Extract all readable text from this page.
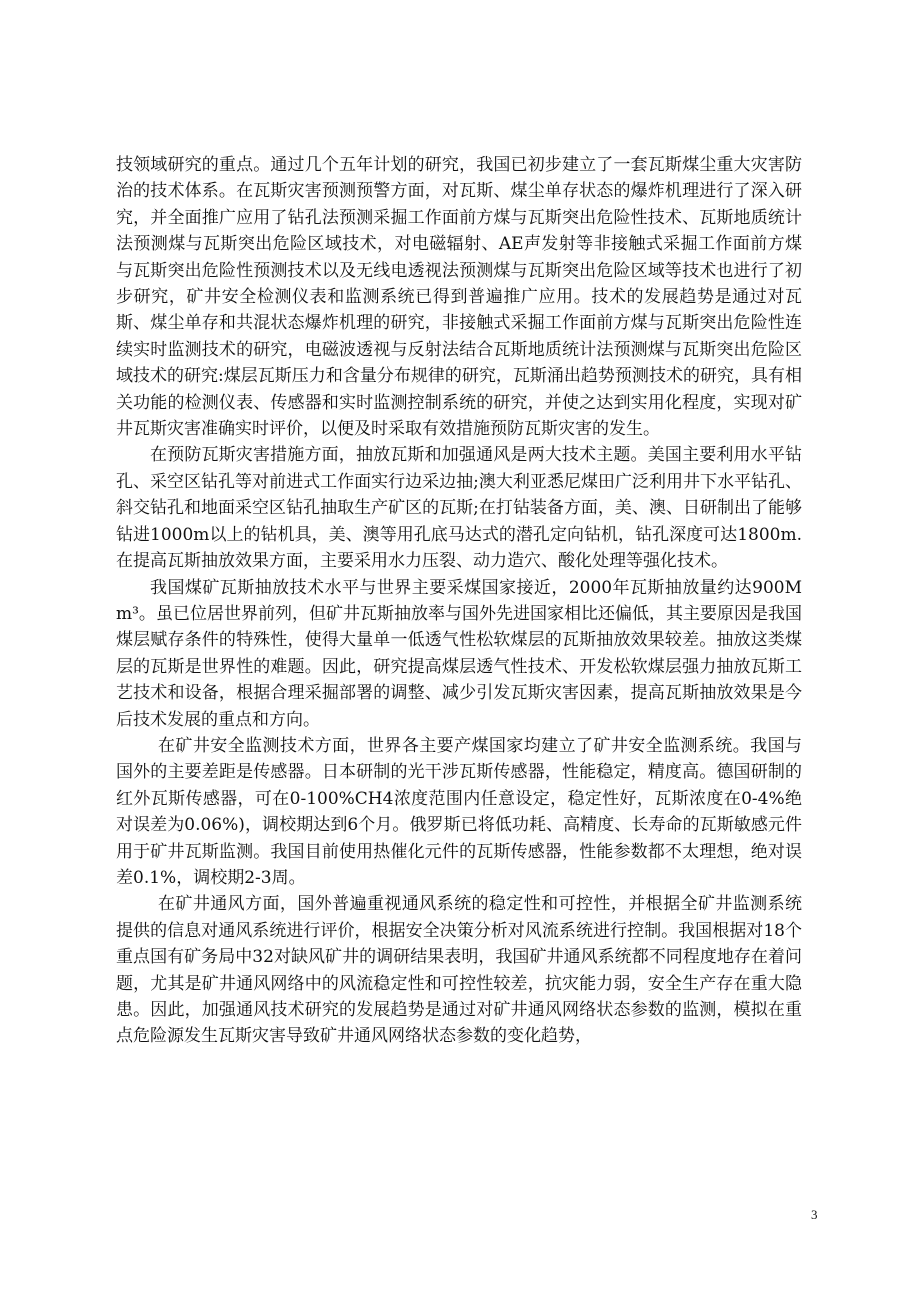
技领域研究的重点。通过几个五年计划的研究，我国已初步建立了一套瓦斯煤尘重大灾害防治的技术体系。在瓦斯灾害预测预警方面，对瓦斯、煤尘单存状态的爆炸机理进行了深入研究，并全面推广应用了钻孔法预测采掘工作面前方煤与瓦斯突出危险性技术、瓦斯地质统计法预测煤与瓦斯突出危险区域技术，对电磁辐射、AE声发射等非接触式采掘工作面前方煤与瓦斯突出危险性预测技术以及无线电透视法预测煤与瓦斯突出危险区域等技术也进行了初步研究，矿井安全检测仪表和监测系统已得到普遍推广应用。技术的发展趋势是通过对瓦斯、煤尘单存和共混状态爆炸机理的研究，非接触式采掘工作面前方煤与瓦斯突出危险性连续实时监测技术的研究，电磁波透视与反射法结合瓦斯地质统计法预测煤与瓦斯突出危险区域技术的研究:煤层瓦斯压力和含量分布规律的研究，瓦斯涌出趋势预测技术的研究，具有相关功能的检测仪表、传感器和实时监测控制系统的研究，并使之达到实用化程度，实现对矿井瓦斯灾害准确实时评价，以便及时采取有效措施预防瓦斯灾害的发生。

在预防瓦斯灾害措施方面，抽放瓦斯和加强通风是两大技术主题。美国主要利用水平钻孔、采空区钻孔等对前进式工作面实行边采边抽;澳大利亚悉尼煤田广泛利用井下水平钻孔、斜交钻孔和地面采空区钻孔抽取生产矿区的瓦斯;在打钻装备方面，美、澳、日研制出了能够钻进1000m以上的钻机具，美、澳等用孔底马达式的潜孔定向钻机，钻孔深度可达1800m.在提高瓦斯抽放效果方面，主要采用水力压裂、动力造穴、酸化处理等强化技术。

我国煤矿瓦斯抽放技术水平与世界主要采煤国家接近，2000年瓦斯抽放量约达900Mm³。虽已位居世界前列，但矿井瓦斯抽放率与国外先进国家相比还偏低，其主要原因是我国煤层赋存条件的特殊性，使得大量单一低透气性松软煤层的瓦斯抽放效果较差。抽放这类煤层的瓦斯是世界性的难题。因此，研究提高煤层透气性技术、开发松软煤层强力抽放瓦斯工艺技术和设备，根据合理采掘部署的调整、减少引发瓦斯灾害因素，提高瓦斯抽放效果是今后技术发展的重点和方向。

在矿井安全监测技术方面，世界各主要产煤国家均建立了矿井安全监测系统。我国与国外的主要差距是传感器。日本研制的光干涉瓦斯传感器，性能稳定，精度高。德国研制的红外瓦斯传感器，可在0-100%CH4浓度范围内任意设定，稳定性好，瓦斯浓度在0-4%绝对误差为0.06%)，调校期达到6个月。俄罗斯已将低功耗、高精度、长寿命的瓦斯敏感元件用于矿井瓦斯监测。我国目前使用热催化元件的瓦斯传感器，性能参数都不太理想，绝对误差0.1%，调校期2-3周。

在矿井通风方面，国外普遍重视通风系统的稳定性和可控性，并根据全矿井监测系统提供的信息对通风系统进行评价，根据安全决策分析对风流系统进行控制。我国根据对18个重点国有矿务局中32对缺风矿井的调研结果表明，我国矿井通风系统都不同程度地存在着问题，尤其是矿井通风网络中的风流稳定性和可控性较差，抗灾能力弱，安全生产存在重大隐患。因此，加强通风技术研究的发展趋势是通过对矿井通风网络状态参数的监测，模拟在重点危险源发生瓦斯灾害导致矿井通风网络状态参数的变化趋势，

3
